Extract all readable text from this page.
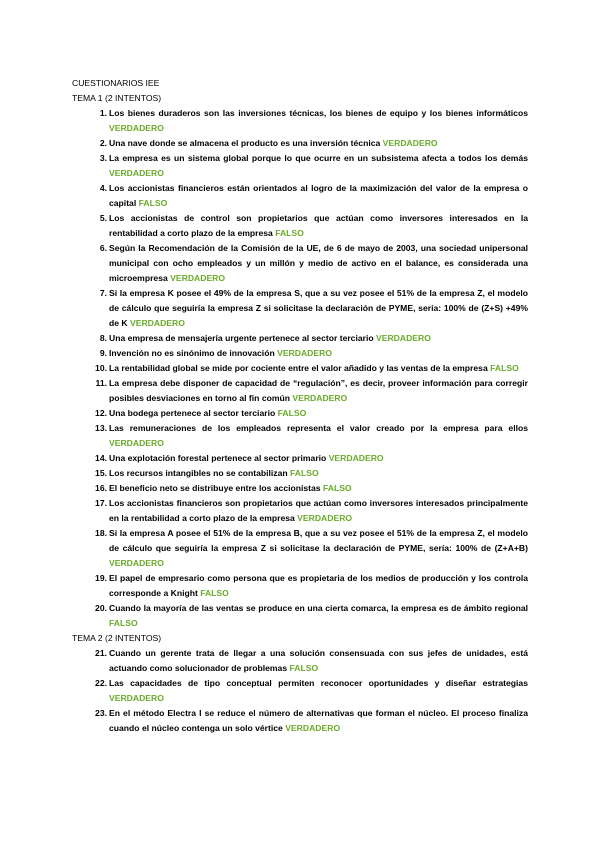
CUESTIONARIOS IEE

TEMA 1 (2 INTENTOS)

1. Los bienes duraderos son las inversiones técnicas, los bienes de equipo y los bienes informáticos VERDADERO
2. Una nave donde se almacena el producto es una inversión técnica VERDADERO
3. La empresa es un sistema global porque lo que ocurre en un subsistema afecta a todos los demás VERDADERO
4. Los accionistas financieros están orientados al logro de la maximización del valor de la empresa o capital FALSO
5. Los accionistas de control son propietarios que actúan como inversores interesados en la rentabilidad a corto plazo de la empresa FALSO
6. Según la Recomendación de la Comisión de la UE, de 6 de mayo de 2003, una sociedad unipersonal municipal con ocho empleados y un millón y medio de activo en el balance, es considerada una microempresa VERDADERO
7. Si la empresa K posee el 49% de la empresa S, que a su vez posee el 51% de la empresa Z, el modelo de cálculo que seguiría la empresa Z si solicitase la declaración de PYME, sería: 100% de (Z+S) +49% de K VERDADERO
8. Una empresa de mensajería urgente pertenece al sector terciario VERDADERO
9. Invención no es sinónimo de innovación VERDADERO
10. La rentabilidad global se mide por cociente entre el valor añadido y las ventas de la empresa FALSO
11. La empresa debe disponer de capacidad de “regulación”, es decir, proveer información para corregir posibles desviaciones en torno al fin común VERDADERO
12. Una bodega pertenece al sector terciario FALSO
13. Las remuneraciones de los empleados representa el valor creado por la empresa para ellos VERDADERO
14. Una explotación forestal pertenece al sector primario VERDADERO
15. Los recursos intangibles no se contabilizan FALSO
16. El beneficio neto se distribuye entre los accionistas FALSO
17. Los accionistas financieros son propietarios que actúan como inversores interesados principalmente en la rentabilidad a corto plazo de la empresa VERDADERO
18. Si la empresa A posee el 51% de la empresa B, que a su vez posee el 51% de la empresa Z, el modelo de cálculo que seguiría la empresa Z si solicitase la declaración de PYME, sería: 100% de (Z+A+B) VERDADERO
19. El papel de empresario como persona que es propietaria de los medios de producción y los controla corresponde a Knight FALSO
20. Cuando la mayoría de las ventas se produce en una cierta comarca, la empresa es de ámbito regional FALSO

TEMA 2 (2 INTENTOS)

21. Cuando un gerente trata de llegar a una solución consensuada con sus jefes de unidades, está actuando como solucionador de problemas FALSO
22. Las capacidades de tipo conceptual permiten reconocer oportunidades y diseñar estrategias VERDADERO
23. En el método Electra I se reduce el número de alternativas que forman el núcleo. El proceso finaliza cuando el núcleo contenga un solo vértice VERDADERO
